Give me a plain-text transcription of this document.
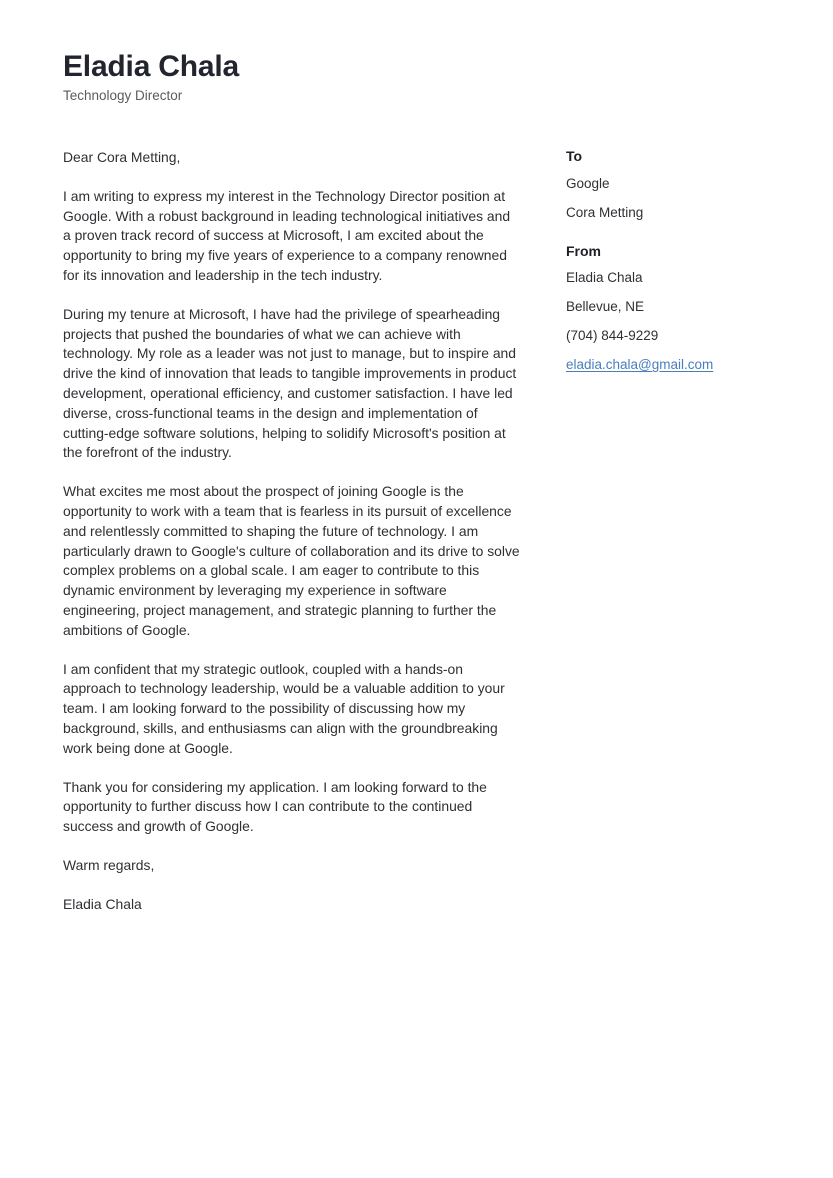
Eladia Chala

Technology Director

Dear Cora Metting,

I am writing to express my interest in the Technology Director position at Google. With a robust background in leading technological initiatives and a proven track record of success at Microsoft, I am excited about the opportunity to bring my five years of experience to a company renowned for its innovation and leadership in the tech industry.

During my tenure at Microsoft, I have had the privilege of spearheading projects that pushed the boundaries of what we can achieve with technology. My role as a leader was not just to manage, but to inspire and drive the kind of innovation that leads to tangible improvements in product development, operational efficiency, and customer satisfaction. I have led diverse, cross-functional teams in the design and implementation of cutting-edge software solutions, helping to solidify Microsoft's position at the forefront of the industry.

What excites me most about the prospect of joining Google is the opportunity to work with a team that is fearless in its pursuit of excellence and relentlessly committed to shaping the future of technology. I am particularly drawn to Google's culture of collaboration and its drive to solve complex problems on a global scale. I am eager to contribute to this dynamic environment by leveraging my experience in software engineering, project management, and strategic planning to further the ambitions of Google.

I am confident that my strategic outlook, coupled with a hands-on approach to technology leadership, would be a valuable addition to your team. I am looking forward to the possibility of discussing how my background, skills, and enthusiasms can align with the groundbreaking work being done at Google.

Thank you for considering my application. I am looking forward to the opportunity to further discuss how I can contribute to the continued success and growth of Google.

Warm regards,

Eladia Chala

To

Google

Cora Metting

From

Eladia Chala

Bellevue, NE

(704) 844-9229

eladia.chala@gmail.com
